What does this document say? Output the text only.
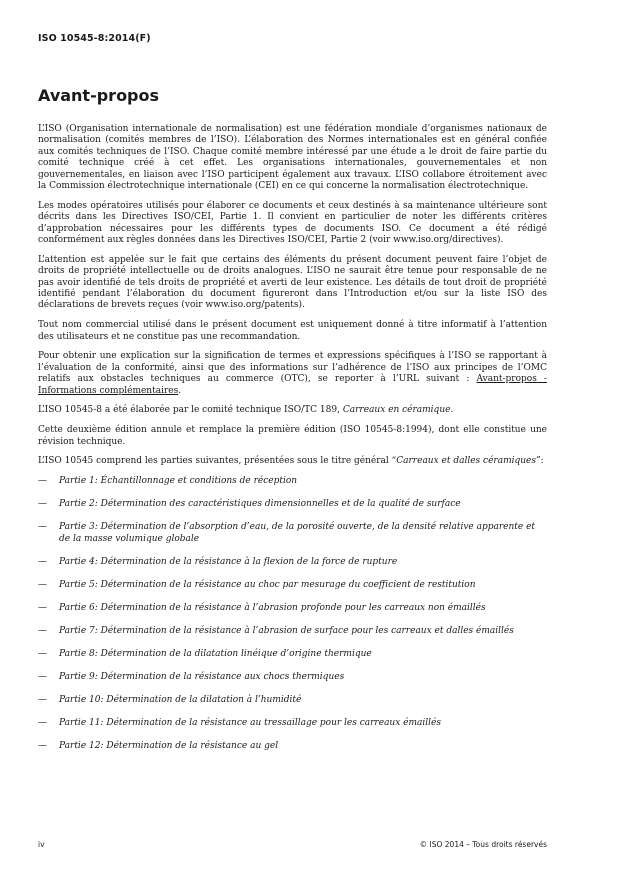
ISO 10545-8:2014(F)
Avant-propos

L’ISO (Organisation internationale de normalisation) est une fédération mondiale d’organismes nationaux de normalisation (comités membres de l’ISO). L’élaboration des Normes internationales est en général confiée aux comités techniques de l’ISO. Chaque comité membre intéressé par une étude a le droit de faire partie du comité technique créé à cet effet. Les organisations internationales, gouvernementales et non gouvernementales, en liaison avec l’ISO participent également aux travaux. L’ISO collabore étroitement avec la Commission électrotechnique internationale (CEI) en ce qui concerne la normalisation électrotechnique.

Les modes opératoires utilisés pour élaborer ce documents et ceux destinés à sa maintenance ultérieure sont décrits dans les Directives ISO/CEI, Partie 1. Il convient en particulier de noter les différents critères d’approbation nécessaires pour les différents types de documents ISO. Ce document a été rédigé conformément aux règles données dans les Directives ISO/CEI, Partie 2 (voir www.iso.org/directives).

L’attention est appelée sur le fait que certains des éléments du présent document peuvent faire l’objet de droits de propriété intellectuelle ou de droits analogues. L’ISO ne saurait être tenue pour responsable de ne pas avoir identifié de tels droits de propriété et averti de leur existence. Les détails de tout droit de propriété identifié pendant l’élaboration du document figureront dans l’Introduction et/ou sur la liste ISO des déclarations de brevets reçues (voir www.iso.org/patents).

Tout nom commercial utilisé dans le présent document est uniquement donné à titre informatif à l’attention des utilisateurs et ne constitue pas une recommandation.

Pour obtenir une explication sur la signification de termes et expressions spécifiques à l’ISO se rapportant à l’évaluation de la conformité, ainsi que des informations sur l’adhérence de l’ISO aux principes de l’OMC relatifs aux obstacles techniques au commerce (OTC), se reporter à l’URL suivant : Avant-propos - Informations complémentaires.

L’ISO 10545-8 a été élaborée par le comité technique ISO/TC 189, Carreaux en céramique.

Cette deuxième édition annule et remplace la première édition (ISO 10545-8:1994), dont elle constitue une révision technique.

L’ISO 10545 comprend les parties suivantes, présentées sous le titre général “Carreaux et dalles céramiques”:

— Partie 1: Échantillonnage et conditions de réception
— Partie 2: Détermination des caractéristiques dimensionnelles et de la qualité de surface
— Partie 3: Détermination de l’absorption d’eau, de la porosité ouverte, de la densité relative apparente et de la masse volumique globale
— Partie 4: Détermination de la résistance à la flexion de la force de rupture
— Partie 5: Détermination de la résistance au choc par mesurage du coefficient de restitution
— Partie 6: Détermination de la résistance à l’abrasion profonde pour les carreaux non émaillés
— Partie 7: Détermination de la résistance à l’abrasion de surface pour les carreaux et dalles émaillés
— Partie 8: Détermination de la dilatation linéique d’origine thermique
— Partie 9: Détermination de la résistance aux chocs thermiques
— Partie 10: Détermination de la dilatation à l’humidité
— Partie 11: Détermination de la résistance au tressaillage pour les carreaux émaillés
— Partie 12: Détermination de la résistance au gel
iv	© ISO 2014 – Tous droits réservés
